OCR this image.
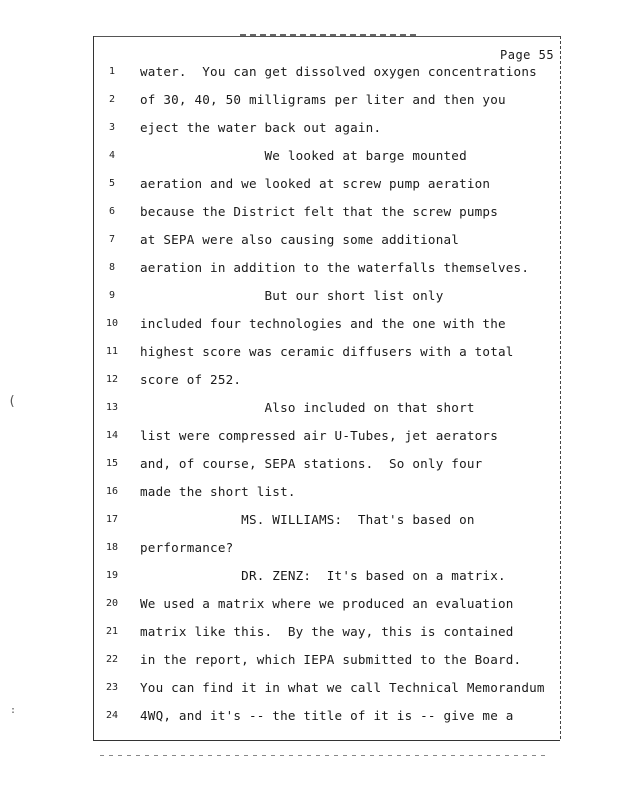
(
:
Page 55
1	water.  You can get dissolved oxygen concentrations
2	of 30, 40, 50 milligrams per liter and then you
3	eject the water back out again.
4	We looked at barge mounted
5	aeration and we looked at screw pump aeration
6	because the District felt that the screw pumps
7	at SEPA were also causing some additional
8	aeration in addition to the waterfalls themselves.
9	But our short list only
10	included four technologies and the one with the
11	highest score was ceramic diffusers with a total
12	score of 252.
13	Also included on that short
14	list were compressed air U-Tubes, jet aerators
15	and, of course, SEPA stations.  So only four
16	made the short list.
17	MS. WILLIAMS:  That's based on
18	performance?
19	DR. ZENZ:  It's based on a matrix.
20	We used a matrix where we produced an evaluation
21	matrix like this.  By the way, this is contained
22	in the report, which IEPA submitted to the Board.
23	You can find it in what we call Technical Memorandum
24	4WQ, and it's -- the title of it is -- give me a
